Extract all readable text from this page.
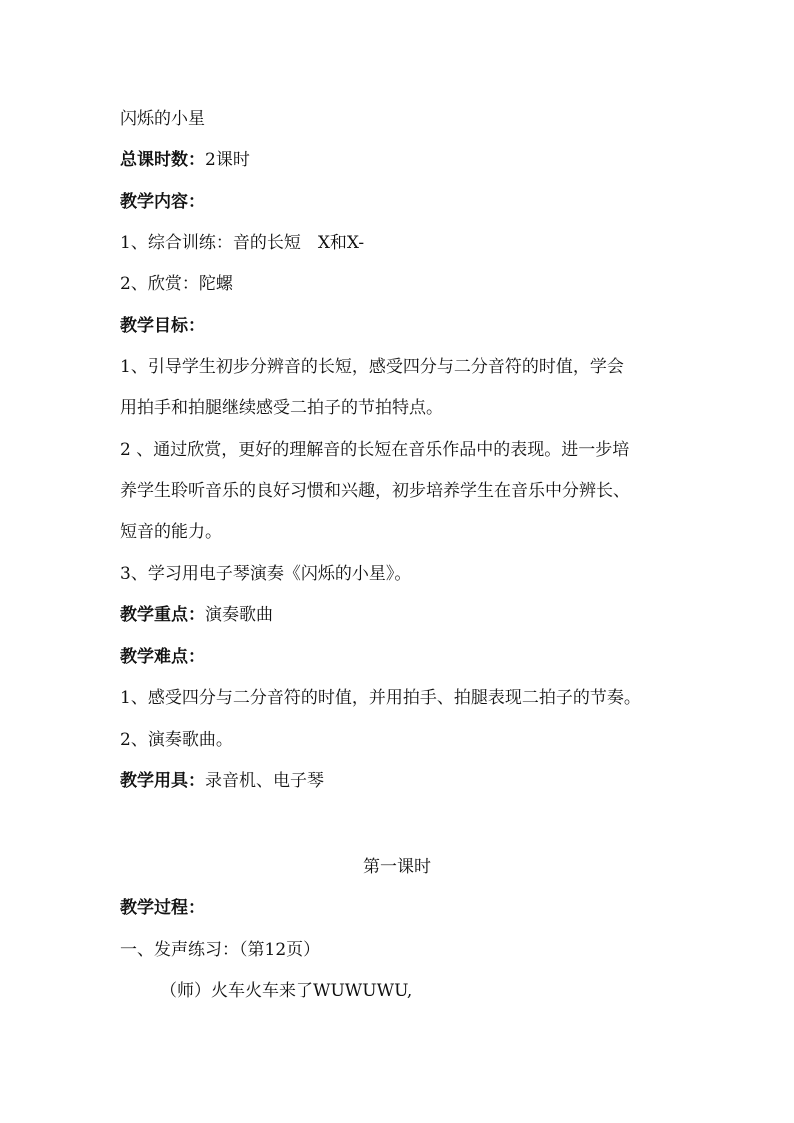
闪烁的小星
总课时数：2课时
教学内容：
1、综合训练：音的长短　X和X-
2、欣赏：陀螺
教学目标：
1、引导学生初步分辨音的长短，感受四分与二分音符的时值，学会
用拍手和拍腿继续感受二拍子的节拍特点。
2 、通过欣赏，更好的理解音的长短在音乐作品中的表现。进一步培
养学生聆听音乐的良好习惯和兴趣，初步培养学生在音乐中分辨长、
短音的能力。
3、学习用电子琴演奏《闪烁的小星》。
教学重点：演奏歌曲
教学难点：
1、感受四分与二分音符的时值，并用拍手、拍腿表现二拍子的节奏。
2、演奏歌曲。
教学用具：录音机、电子琴
第一课时
教学过程：
一、发声练习：（第12页）
（师）火车火车来了WUWUWU,
